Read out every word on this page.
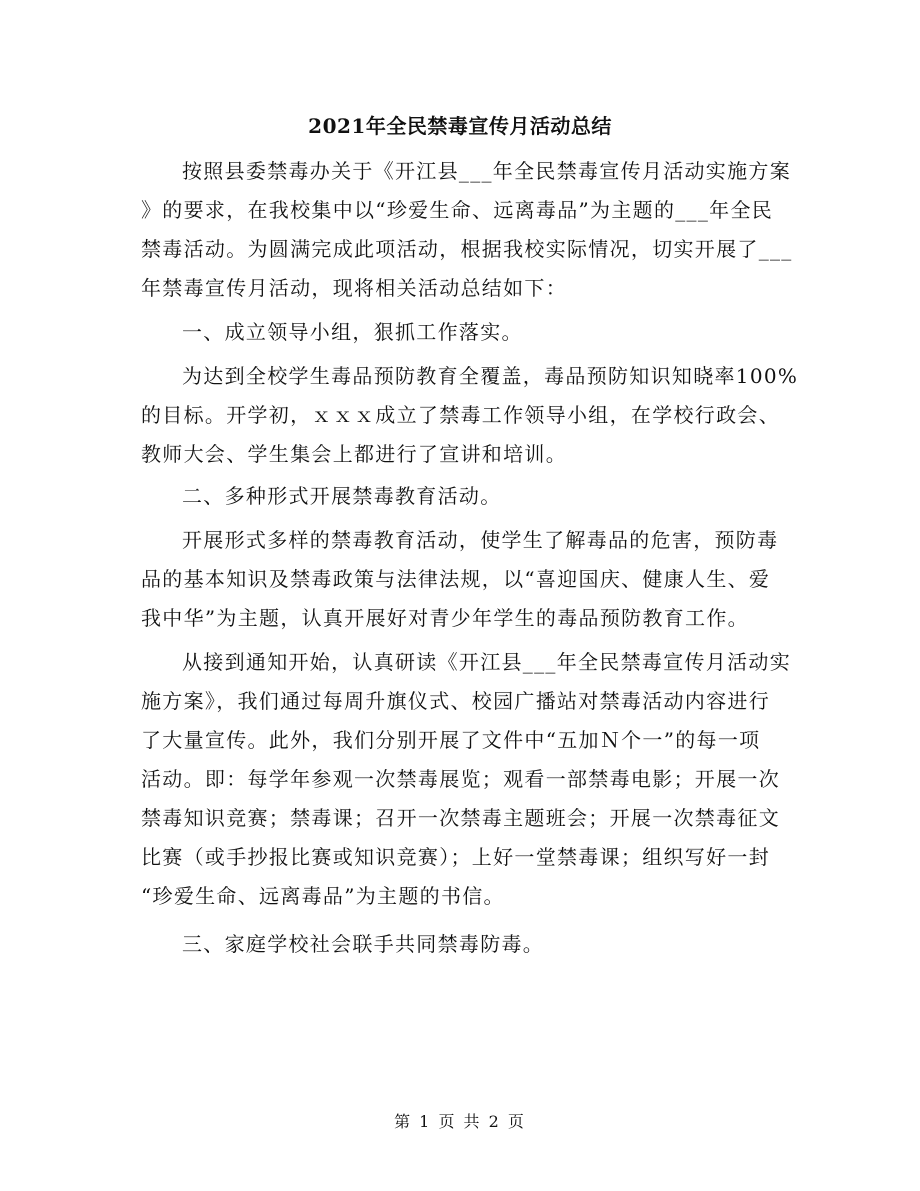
2021年全民禁毒宣传月活动总结
按照县委禁毒办关于《开江县___年全民禁毒宣传月活动实施方案
》的要求，在我校集中以“珍爱生命、远离毒品”为主题的___年全民
禁毒活动。为圆满完成此项活动，根据我校实际情况，切实开展了___
年禁毒宣传月活动，现将相关活动总结如下：
一、成立领导小组，狠抓工作落实。
为达到全校学生毒品预防教育全覆盖，毒品预防知识知晓率100%
的目标。开学初，ｘｘｘ成立了禁毒工作领导小组，在学校行政会、
教师大会、学生集会上都进行了宣讲和培训。
二、多种形式开展禁毒教育活动。
开展形式多样的禁毒教育活动，使学生了解毒品的危害，预防毒
品的基本知识及禁毒政策与法律法规，以“喜迎国庆、健康人生、爱
我中华”为主题，认真开展好对青少年学生的毒品预防教育工作。
从接到通知开始，认真研读《开江县___年全民禁毒宣传月活动实
施方案》，我们通过每周升旗仪式、校园广播站对禁毒活动内容进行
了大量宣传。此外，我们分别开展了文件中“五加Ｎ个一”的每一项
活动。即：每学年参观一次禁毒展览；观看一部禁毒电影；开展一次
禁毒知识竞赛；禁毒课；召开一次禁毒主题班会；开展一次禁毒征文
比赛（或手抄报比赛或知识竞赛）；上好一堂禁毒课；组织写好一封
“珍爱生命、远离毒品”为主题的书信。
三、家庭学校社会联手共同禁毒防毒。
第 1 页 共 2 页
